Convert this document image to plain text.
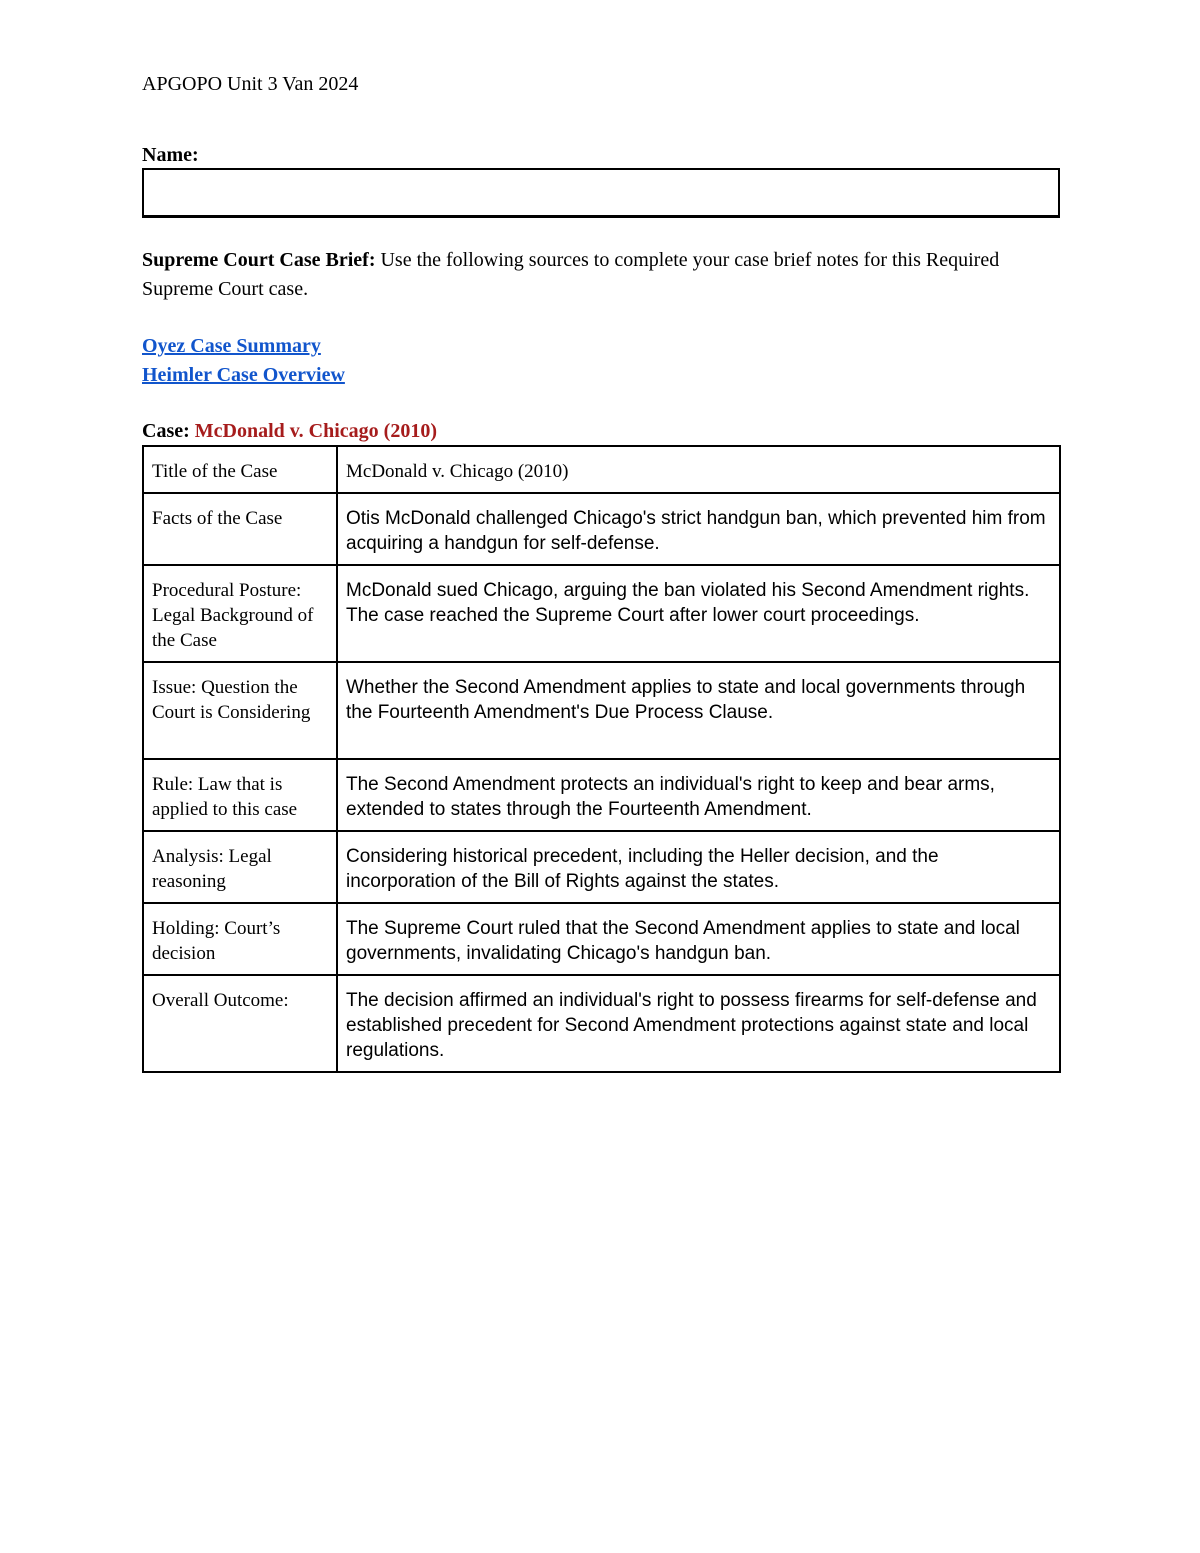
APGOPO Unit 3 Van 2024
Name:
Supreme Court Case Brief: Use the following sources to complete your case brief notes for this Required Supreme Court case.
Oyez Case Summary
Heimler Case Overview
Case: McDonald v. Chicago (2010)
Title of the Case	McDonald v. Chicago (2010)
Facts of the Case	Otis McDonald challenged Chicago's strict handgun ban, which prevented him from acquiring a handgun for self-defense.
Procedural Posture: Legal Background of the Case	McDonald sued Chicago, arguing the ban violated his Second Amendment rights. The case reached the Supreme Court after lower court proceedings.
Issue: Question the Court is Considering	Whether the Second Amendment applies to state and local governments through the Fourteenth Amendment's Due Process Clause.
Rule: Law that is applied to this case	The Second Amendment protects an individual's right to keep and bear arms, extended to states through the Fourteenth Amendment.
Analysis: Legal reasoning	Considering historical precedent, including the Heller decision, and the incorporation of the Bill of Rights against the states.
Holding: Court’s decision	The Supreme Court ruled that the Second Amendment applies to state and local governments, invalidating Chicago's handgun ban.
Overall Outcome:	The decision affirmed an individual's right to possess firearms for self-defense and established precedent for Second Amendment protections against state and local regulations.
